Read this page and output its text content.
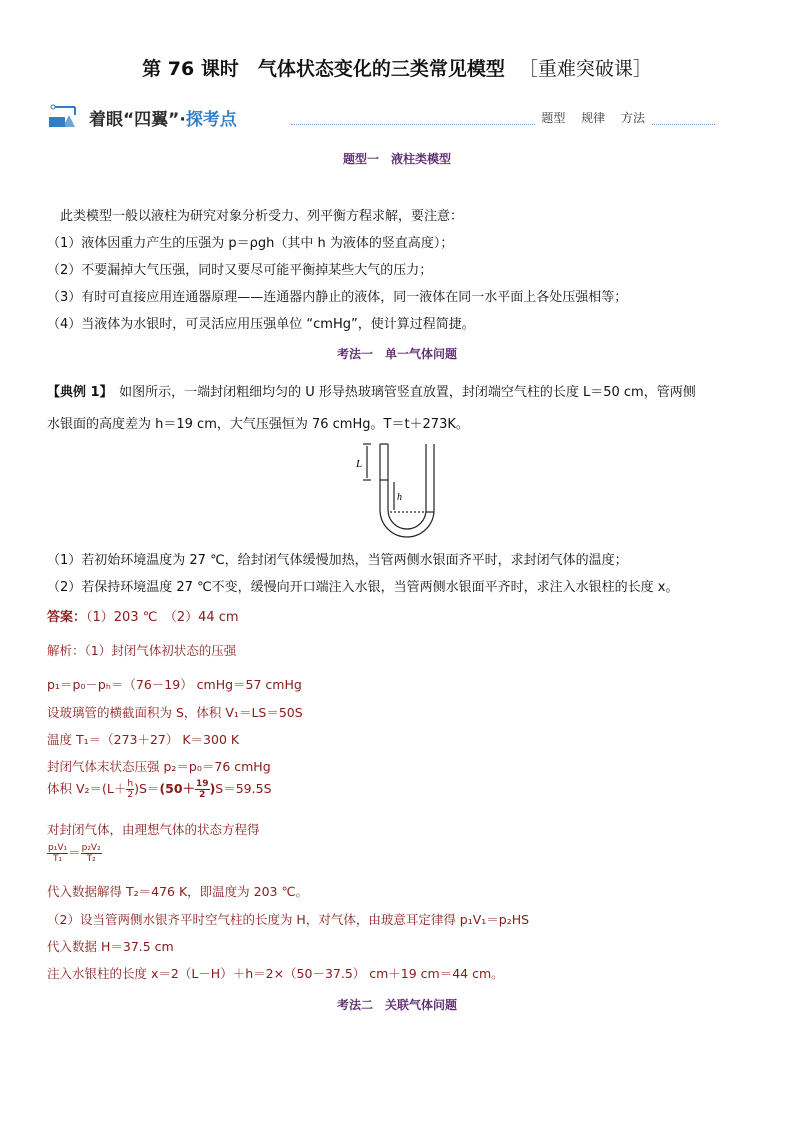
第 76 课时　气体状态变化的三类常见模型 ［重难突破课］
着眼“四翼”·探考点	题型 规律 方法
题型一　液柱类模型
此类模型一般以液柱为研究对象分析受力、列平衡方程求解，要注意：
（1）液体因重力产生的压强为 p＝ρgh（其中 h 为液体的竖直高度）；
（2）不要漏掉大气压强，同时又要尽可能平衡掉某些大气的压力；
（3）有时可直接应用连通器原理——连通器内静止的液体，同一液体在同一水平面上各处压强相等；
（4）当液体为水银时，可灵活应用压强单位 “cmHg”，使计算过程简捷。
考法一　单一气体问题
【典例 1】　如图所示，一端封闭粗细均匀的 U 形导热玻璃管竖直放置，封闭端空气柱的长度 L＝50 cm，管两侧
水银面的高度差为 h＝19 cm，大气压强恒为 76 cmHg。T＝t＋273K。
L
h
（1）若初始环境温度为 27 ℃，给封闭气体缓慢加热，当管两侧水银面齐平时，求封闭气体的温度；
（2）若保持环境温度 27 ℃不变，缓慢向开口端注入水银，当管两侧水银面平齐时，求注入水银柱的长度 x。
答案：（1）203 ℃　（2）44 cm
解析：（1）封闭气体初状态的压强
p₁＝p₀－pₕ＝（76－19） cmHg＝57 cmHg
设玻璃管的横截面积为 S，体积 V₁＝LS＝50S
温度 T₁＝（273＋27） K＝300 K
封闭气体末状态压强 p₂＝p₀＝76 cmHg
体积 $V_2=(L+ \frac{h}{2} )S=(50+ \frac{19}{2} )S=59.5S$
对封闭气体，由理想气体的状态方程得
$\frac{\text{p₁V₁}}{\text{T₁}} = \frac{\text{p₂V₂}}{\text{T₂}}$
代入数据解得 T₂＝476 K，即温度为 203 ℃。
（2）设当管两侧水银齐平时空气柱的长度为 H，对气体，由玻意耳定律得 p₁V₁＝p₂HS
代入数据 H＝37.5 cm
注入水银柱的长度 x＝2（L－H）＋h＝2×（50－37.5） cm＋19 cm＝44 cm。
考法二　关联气体问题
